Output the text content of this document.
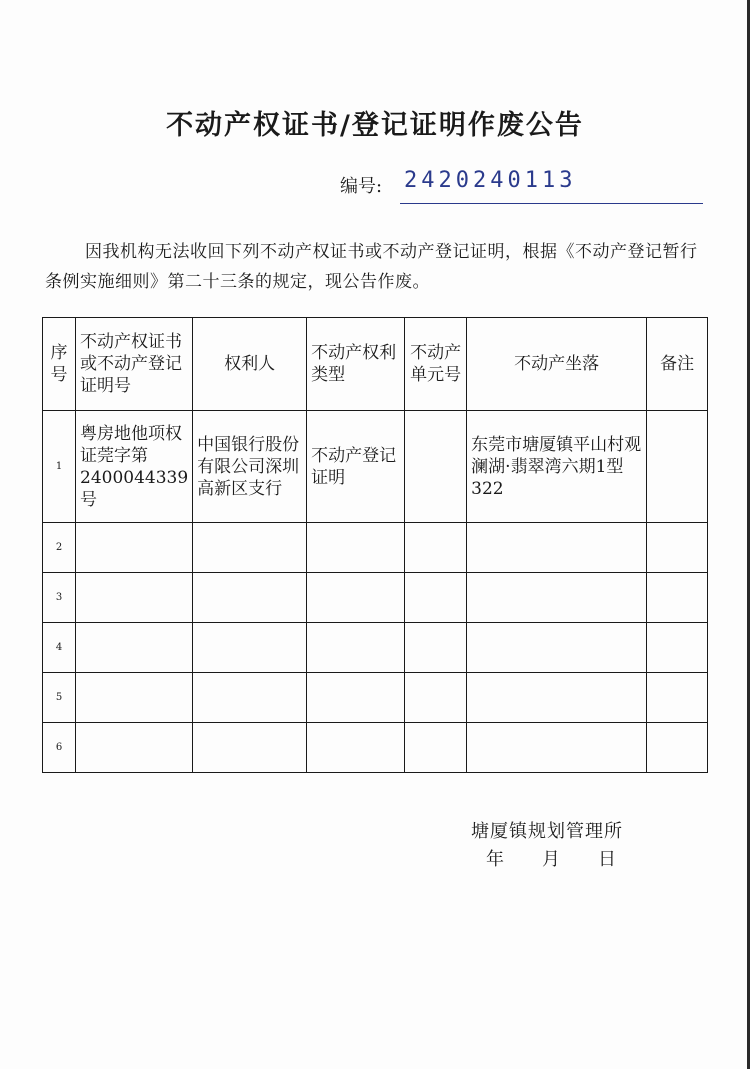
不动产权证书/登记证明作废公告
编号: 2420240113
因我机构无法收回下列不动产权证书或不动产登记证明，根据《不动产登记暂行条例实施细则》第二十三条的规定，现公告作废。
序号	不动产权证书或不动产登记证明号	权利人	不动产权利类型	不动产单元号	不动产坐落	备注
1	粤房地他项权证莞字第2400044339号	中国银行股份有限公司深圳高新区支行	不动产登记证明		东莞市塘厦镇平山村观澜湖·翡翠湾六期1型322	
2						
3						
4						
5						
6						
塘厦镇规划管理所
年 月 日
